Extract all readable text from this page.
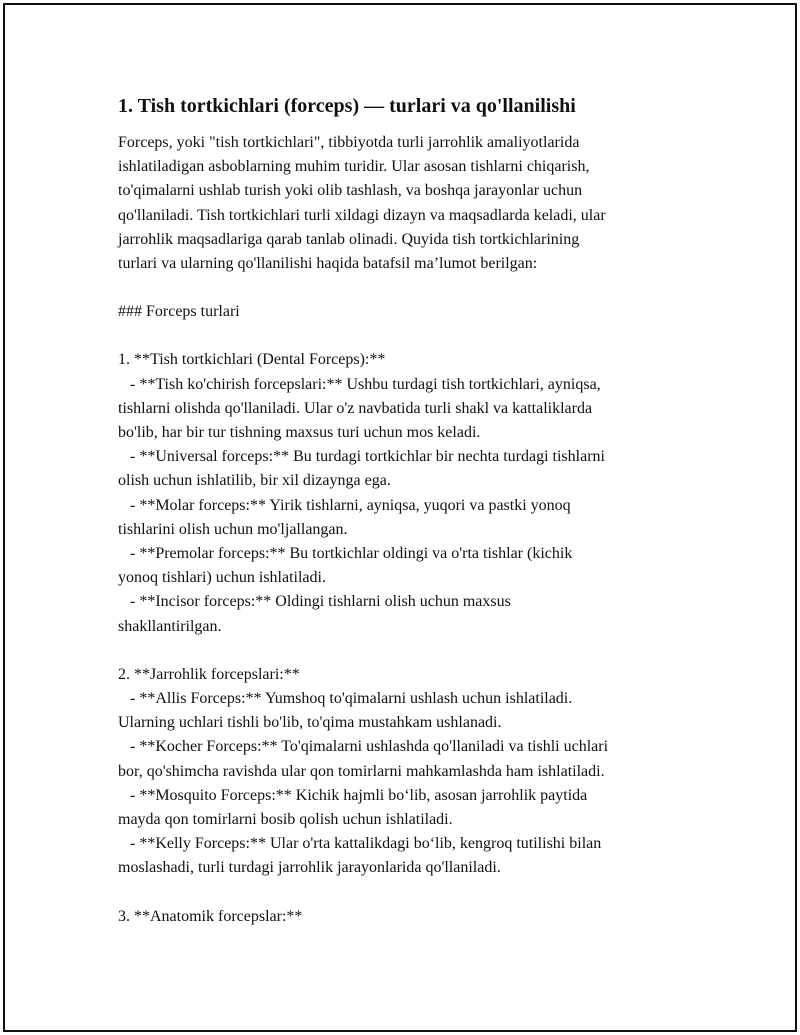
1. Tish tortkichlari (forceps) — turlari va qo'llanilishi

Forceps, yoki "tish tortkichlari", tibbiyotda turli jarrohlik amaliyotlarida
ishlatiladigan asboblarning muhim turidir. Ular asosan tishlarni chiqarish,
to'qimalarni ushlab turish yoki olib tashlash, va boshqa jarayonlar uchun
qo'llaniladi. Tish tortkichlari turli xildagi dizayn va maqsadlarda keladi, ular
jarrohlik maqsadlariga qarab tanlab olinadi. Quyida tish tortkichlarining
turlari va ularning qo'llanilishi haqida batafsil ma’lumot berilgan:

### Forceps turlari

1. **Tish tortkichlari (Dental Forceps):**
- **Tish ko'chirish forcepslari:** Ushbu turdagi tish tortkichlari, ayniqsa,
tishlarni olishda qo'llaniladi. Ular o'z navbatida turli shakl va kattaliklarda
bo'lib, har bir tur tishning maxsus turi uchun mos keladi.
- **Universal forceps:** Bu turdagi tortkichlar bir nechta turdagi tishlarni
olish uchun ishlatilib, bir xil dizaynga ega.
- **Molar forceps:** Yirik tishlarni, ayniqsa, yuqori va pastki yonoq
tishlarini olish uchun mo'ljallangan.
- **Premolar forceps:** Bu tortkichlar oldingi va o'rta tishlar (kichik
yonoq tishlari) uchun ishlatiladi.
- **Incisor forceps:** Oldingi tishlarni olish uchun maxsus
shakllantirilgan.

2. **Jarrohlik forcepslari:**
- **Allis Forceps:** Yumshoq to'qimalarni ushlash uchun ishlatiladi.
Ularning uchlari tishli bo'lib, to'qima mustahkam ushlanadi.
- **Kocher Forceps:** To'qimalarni ushlashda qo'llaniladi va tishli uchlari
bor, qo'shimcha ravishda ular qon tomirlarni mahkamlashda ham ishlatiladi.
- **Mosquito Forceps:** Kichik hajmli bo‘lib, asosan jarrohlik paytida
mayda qon tomirlarni bosib qolish uchun ishlatiladi.
- **Kelly Forceps:** Ular o'rta kattalikdagi bo‘lib, kengroq tutilishi bilan
moslashadi, turli turdagi jarrohlik jarayonlarida qo'llaniladi.

3. **Anatomik forcepslar:**
